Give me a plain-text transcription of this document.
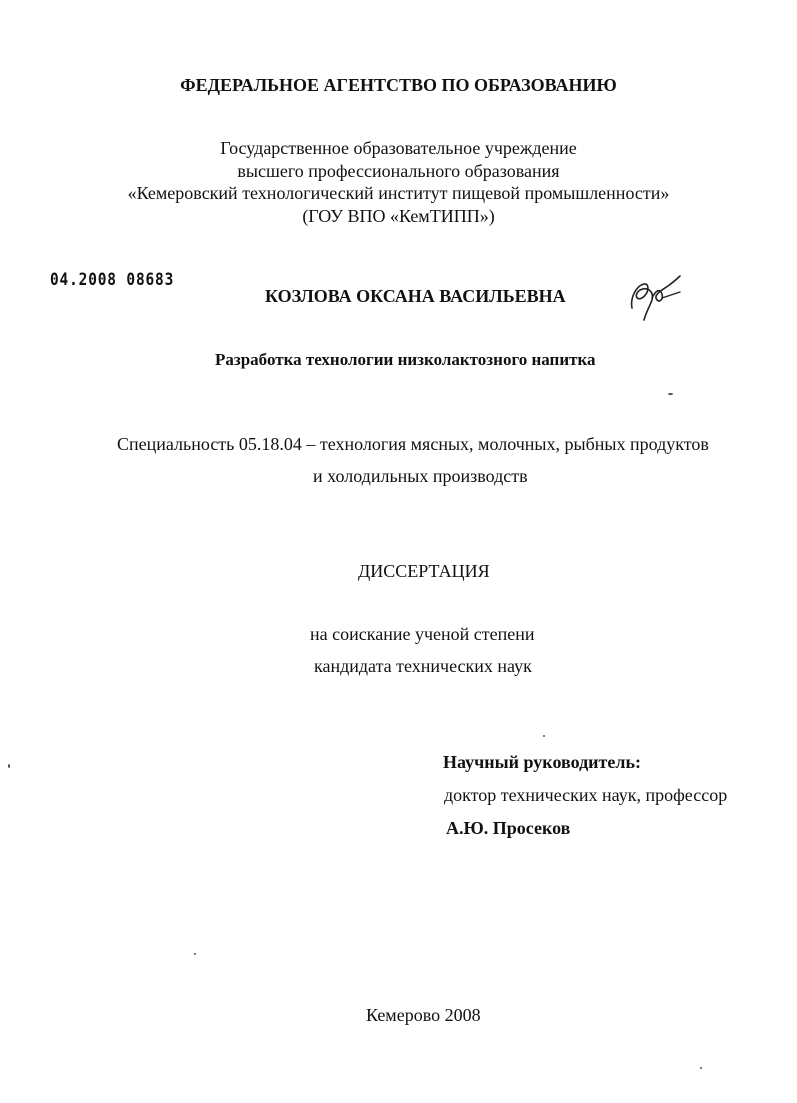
ФЕДЕРАЛЬНОЕ АГЕНТСТВО ПО ОБРАЗОВАНИЮ
Государственное образовательное учреждение
высшего профессионального образования
«Кемеровский технологический институт пищевой промышленности»
(ГОУ ВПО «КемТИПП»)
04.2008 08683
КОЗЛОВА ОКСАНА ВАСИЛЬЕВНА
Разработка технологии низколактозного напитка
Специальность 05.18.04 – технология мясных, молочных, рыбных продуктов
и холодильных производств
ДИССЕРТАЦИЯ
на соискание ученой степени
кандидата технических наук
Научный руководитель:
доктор технических наук, профессор
А.Ю. Просеков
Кемерово 2008
